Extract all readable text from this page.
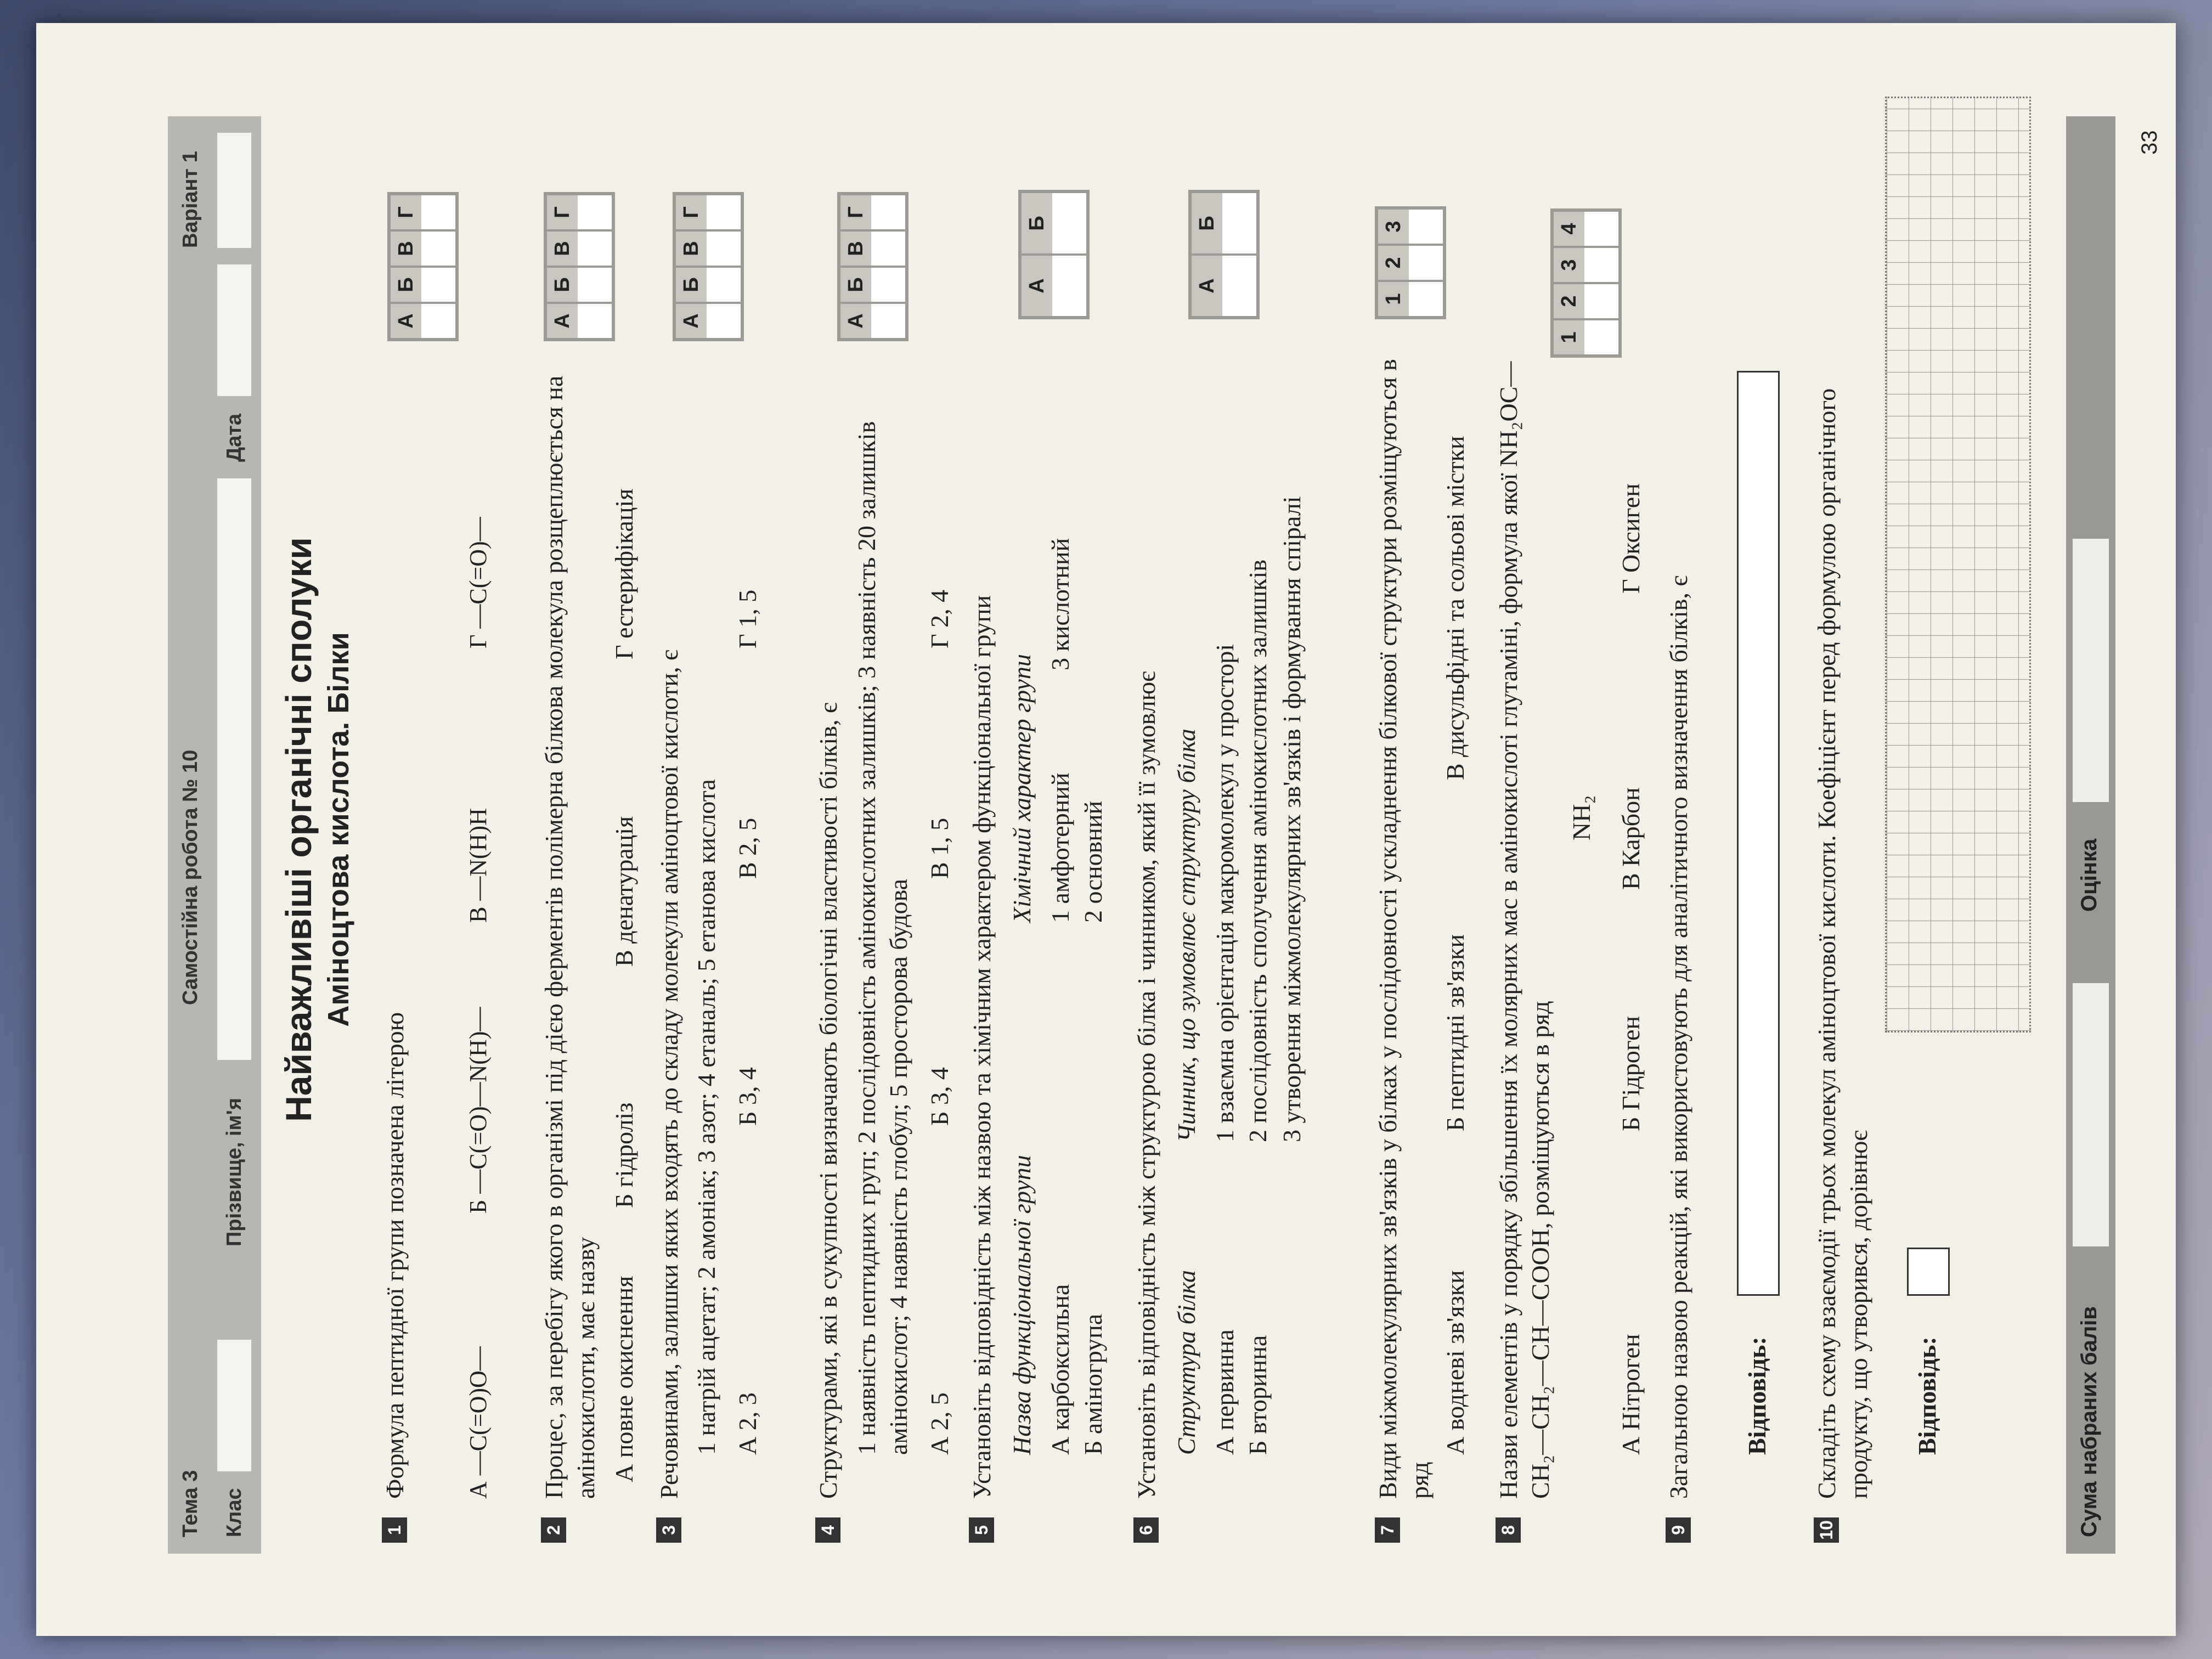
Тема 3 Клас
Самостійна робота № 10
Прізвище, ім'я
Дата
Варіант 1
Найважливіші органічні сполуки Аміноцтова кислота. Білки
1
Формула пептидної групи позначена літерою А —C(=O)O—
Б —C(=O)—N(H)—
В —N(H)H
Г —C(=O)—
А
Б
В
Г
2
Процес, за перебігу якого в організмі під дією ферментів полімерна білкова молекула розщеплюється на амінокислоти, має назву А повне окиснення
Б гідроліз
В денатурація
Г естерифікація
А
Б
В
Г
3
Речовинами, залишки яких входять до складу молекули аміноцтової кислоти, є 1 натрій ацетат; 2 амоніак; 3 азот; 4 етаналь; 5 етанова кислота А 2, 3
Б 3, 4
В 2, 5
Г 1, 5
А
Б
В
Г
4
Структурами, які в сукупності визначають біологічні властивості білків, є 1 наявність пептидних груп; 2 послідовність амінокислотних залишків; 3 наявність 20 залишків амінокислот; 4 наявність глобул; 5 просторова будова А 2, 5
Б 3, 4
В 1, 5
Г 2, 4
А
Б
В
Г
5
Установіть відповідність між назвою та хімічним характером функціональної групи Назва функціональної групи
Хімічний характер групи
А карбоксильна Б аміногрупа
1 амфотерний 2 основний
3 кислотний
А
Б
6
Установіть відповідність між структурою білка і чинником, який її зумовлює Структура білка
Чинник, що зумовлює структуру білка
А первинна Б вторинна
1 взаємна орієнтація макромолекул у просторі 2 послідовність сполучення амінокислотних залишків 3 утворення міжмолекулярних зв'язків і формування спіралі
А
Б
7
Види міжмолекулярних зв'язків у білках у послідовності ускладнення білкової структури розміщуються в ряд
А водневі зв'язки
Б пептидні зв'язки
В дисульфідні та сольові містки
1
2
3
8
Назви елементів у порядку збільшення їх молярних мас в амінокислоті глутаміні, формула якої NH₂OC—CH₂—CH₂—CH—COOH, розміщуються в ряд
NH₂
А Нітроген
Б Гідроген
В Карбон
Г Оксиген
1
2
3
4
9
Загальною назвою реакцій, які використовують для аналітичного визначення білків, є Відповідь:
10
Складіть схему взаємодії трьох молекул аміноцтової кислоти. Коефіцієнт перед формулою органічного продукту, що утворився, дорівнює Відповідь:	Сума набраних балів
Оцінка
33
